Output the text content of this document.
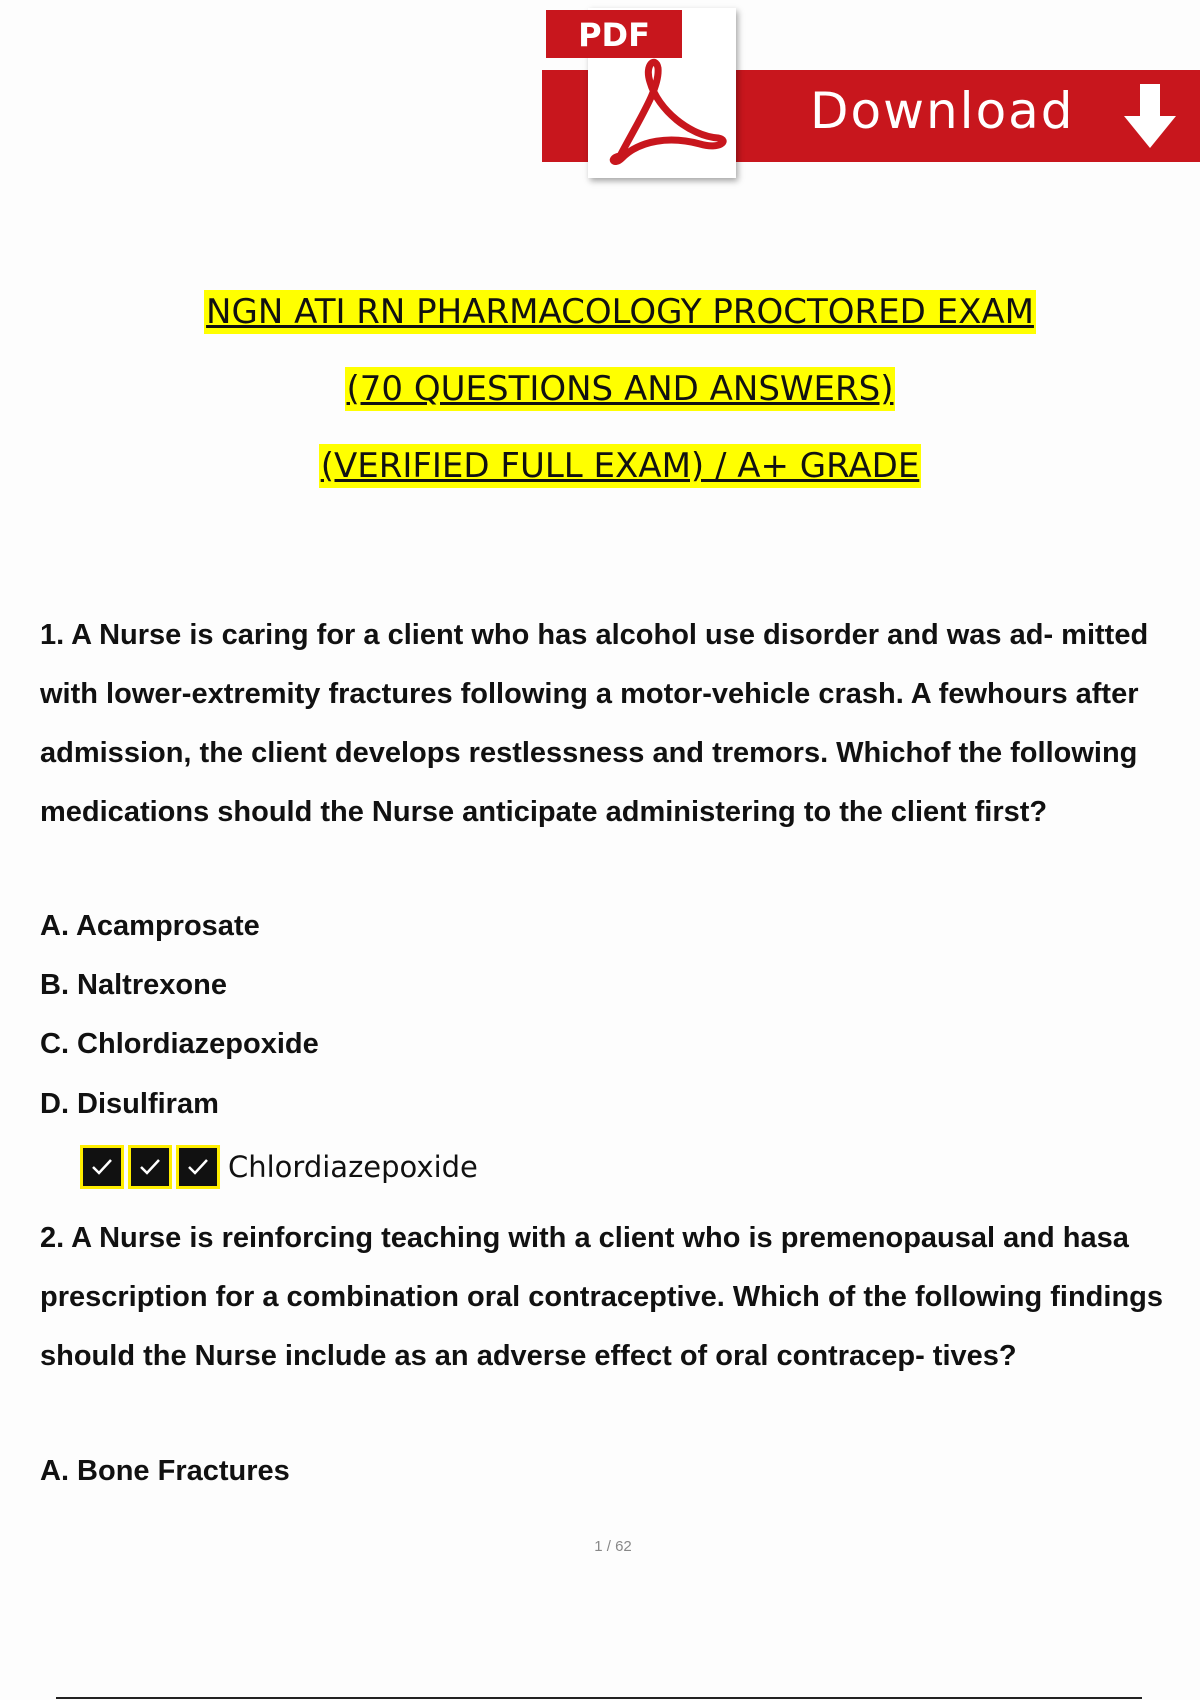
PDF
Download
NGN ATI RN PHARMACOLOGY PROCTORED EXAM
(70 QUESTIONS AND ANSWERS)
(VERIFIED FULL EXAM) / A+ GRADE
1. A Nurse is caring for a client who has alcohol use disorder and was ad- mitted with lower-extremity fractures following a motor-vehicle crash. A fewhours after admission, the client develops restlessness and tremors. Whichof the following medications should the Nurse anticipate administering to the client first?
A. Acamprosate
B. Naltrexone
C. Chlordiazepoxide
D. Disulfiram
Chlordiazepoxide
2. A Nurse is reinforcing teaching with a client who is premenopausal and hasa prescription for a combination oral contraceptive. Which of the following findings should the Nurse include as an adverse effect of oral contracep- tives?
A. Bone Fractures
1 / 62
